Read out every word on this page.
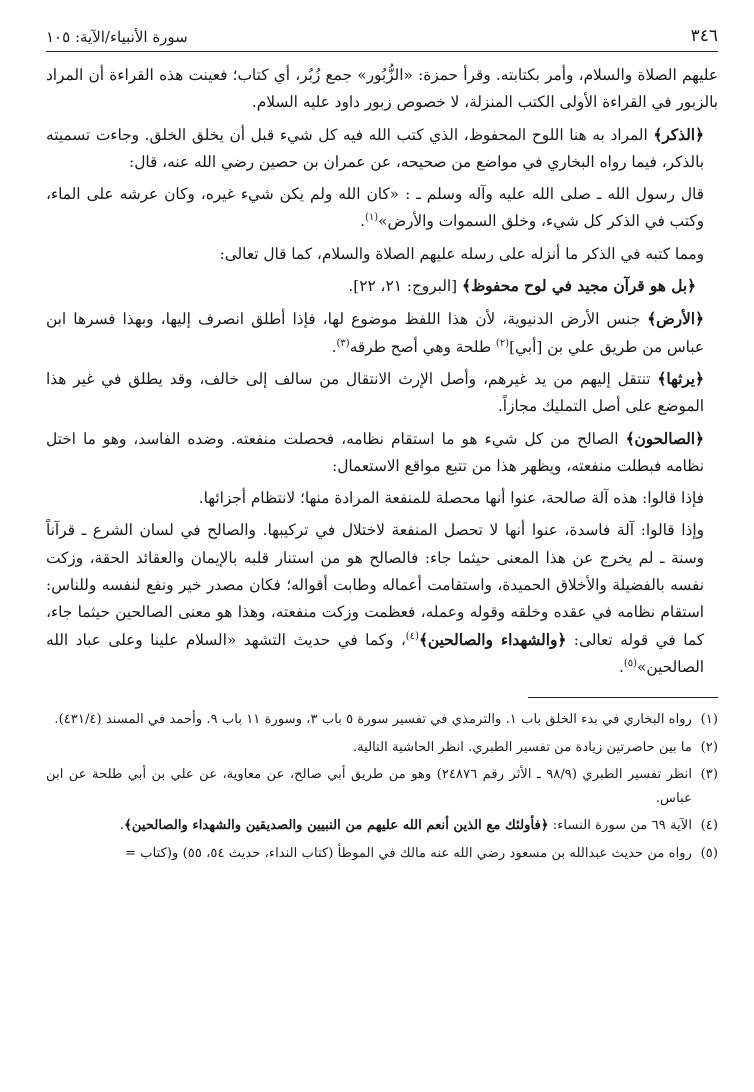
٣٤٦
سورة الأنبياء/الآية: ١٠٥

عليهم الصلاة والسلام، وأمر بكتابته. وقرأ حمزة: «الزُّبُور» جمع زُبُر، أي كتاب؛ فعينت هذه القراءة أن المراد بالزبور في القراءة الأولى الكتب المنزلة، لا خصوص زبور داود عليه السلام.

﴿الذكر﴾ المراد به هنا اللوح المحفوظ، الذي كتب الله فيه كل شيء قبل أن يخلق الخلق. وجاءت تسميته بالذكر، فيما رواه البخاري في مواضع من صحيحه، عن عمران بن حصين رضي الله عنه، قال:

قال رسول الله ـ صلى الله عليه وآله وسلم ـ : «كان الله ولم يكن شيء غيره، وكان عرشه على الماء، وكتب في الذكر كل شيء، وخلق السموات والأرض»$^{(١)}$.

ومما كتبه في الذكر ما أنزله على رسله عليهم الصلاة والسلام، كما قال تعالى:

﴿بل هو قرآن مجيد في لوح محفوظ﴾ [البروج: ٢١، ٢٢].

﴿الأرض﴾ جنس الأرض الدنيوية، لأن هذا اللفظ موضوع لها، فإذا أطلق انصرف إليها، وبهذا فسرها ابن عباس من طريق علي بن [أبي]$^{(٢)}$ طلحة وهي أصح طرقه$^{(٣)}$.

﴿يرثها﴾ تنتقل إليهم من يد غيرهم، وأصل الإرث الانتقال من سالف إلى خالف، وقد يطلق في غير هذا الموضع على أصل التمليك مجازاً.

﴿الصالحون﴾ الصالح من كل شيء هو ما استقام نظامه، فحصلت منفعته. وضده الفاسد، وهو ما اختل نظامه فبطلت منفعته، ويظهر هذا من تتبع مواقع الاستعمال:

فإذا قالوا: هذه آلة صالحة، عنوا أنها محصلة للمنفعة المرادة منها؛ لانتظام أجزائها.

وإذا قالوا: آلة فاسدة، عنوا أنها لا تحصل المنفعة لاختلال في تركيبها. والصالح في لسان الشرع ـ قرآناً وسنة ـ لم يخرج عن هذا المعنى حيثما جاء: فالصالح هو من استنار قلبه بالإيمان والعقائد الحقة، وزكت نفسه بالفضيلة والأخلاق الحميدة، واستقامت أعماله وطابت أقواله؛ فكان مصدر خير ونفع لنفسه وللناس: استقام نظامه في عقده وخلقه وقوله وعمله، فعظمت وزكت منفعته، وهذا هو معنى الصالحين حيثما جاء، كما في قوله تعالى: ﴿والشهداء والصالحين﴾$^{(٤)}$، وكما في حديث التشهد «السلام علينا وعلى عباد الله الصالحين»$^{(٥)}$.

(١)
رواه البخاري في بدء الخلق باب ١. والترمذي في تفسير سورة ٥ باب ٣، وسورة ١١ باب ٩. وأحمد في المسند (٤٣١/٤).
(٢)
ما بين حاصرتين زيادة من تفسير الطبري. انظر الحاشية التالية.
(٣)
انظر تفسير الطبري (٩٨/٩ ـ الأثر رقم ٢٤٨٧٦) وهو من طريق أبي صالح، عن معاوية، عن علي بن أبي طلحة عن ابن عباس.
(٤)
الآية ٦٩ من سورة النساء: ﴿فأولئك مع الذين أنعم الله عليهم من النبيين والصديقين والشهداء والصالحين﴾.
(٥)
رواه من حديث عبدالله بن مسعود رضي الله عنه مالك في الموطأ (كتاب النداء، حديث ٥٤، ٥٥) و(كتاب =
